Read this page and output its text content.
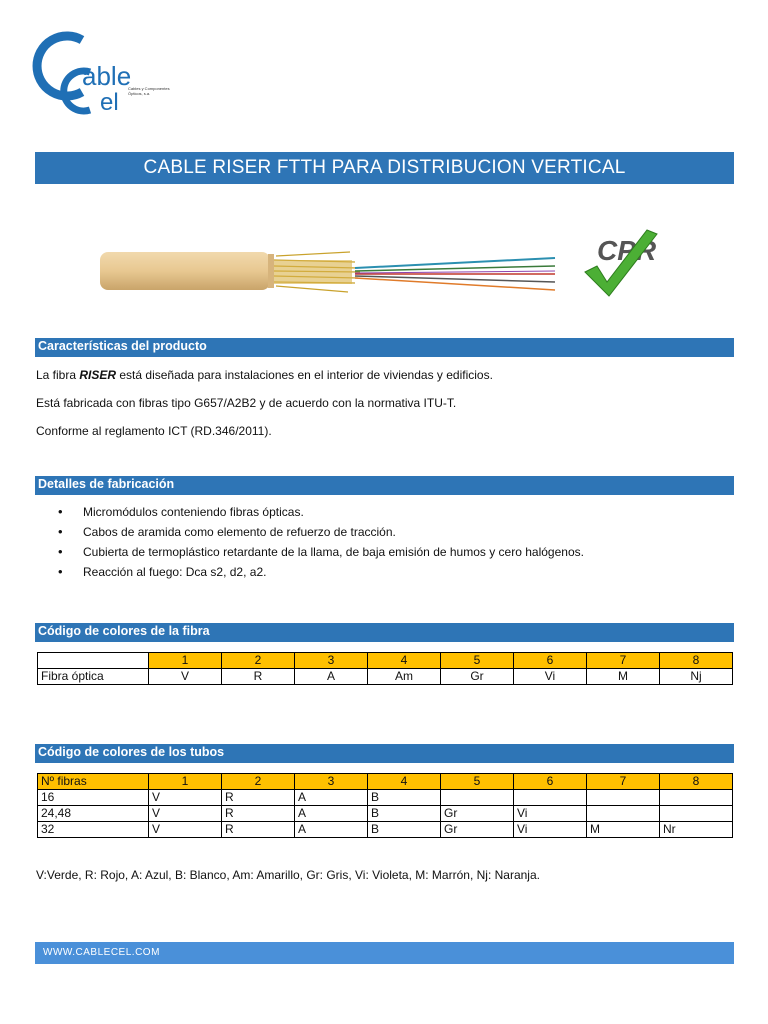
able
el
Cables y Componentes Ópticos, s.a.
CABLE RISER FTTH PARA DISTRIBUCION VERTICAL
CPR
Características del producto
La fibra RISER está diseñada para instalaciones en el interior de viviendas y edificios.
Está fabricada con fibras tipo G657/A2B2 y de acuerdo con la normativa ITU-T.
Conforme al reglamento ICT (RD.346/2011).
Detalles de fabricación
• Micromódulos conteniendo fibras ópticas.
• Cabos de aramida como elemento de refuerzo de tracción.
• Cubierta de termoplástico retardante de la llama, de baja emisión de humos y cero halógenos.
• Reacción al fuego: Dca s2, d2, a2.
Código de colores de la fibra
	1	2	3	4	5	6	7	8
Fibra óptica	V	R	A	Am	Gr	Vi	M	Nj
Código de colores de los tubos
Nº fibras	1	2	3	4	5	6	7	8
16	V	R	A	B				
24,48	V	R	A	B	Gr	Vi		
32	V	R	A	B	Gr	Vi	M	Nr
V:Verde, R: Rojo, A: Azul, B: Blanco, Am: Amarillo, Gr: Gris, Vi: Violeta, M: Marrón, Nj: Naranja.
WWW.CABLECEL.COM
